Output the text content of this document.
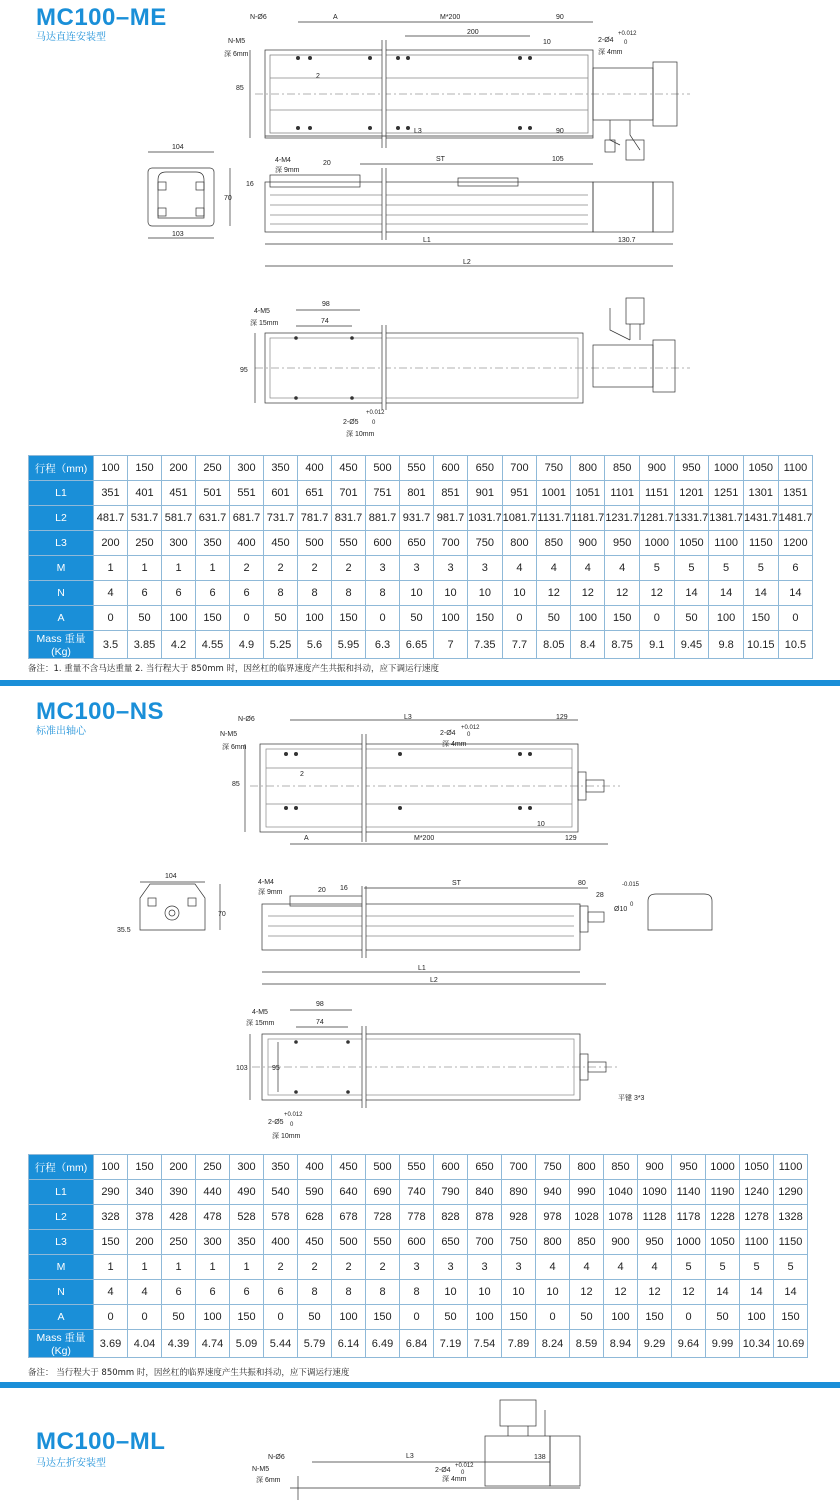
MC100–ME
马达直连安装型
N-Ø6
N-M5
深 6mm
A	M*200	90
200
10	2-Ø4
+0.012
0
深 4mm
85
2
L3	90
104
70
103
4-M4
深 9mm
20
ST	105
16
L1	130.7
L2
4-M5
深 15mm
98
74
95
2-Ø5
+0.012
0
深 10mm
行程（mm)	100	150	200	250	300	350	400	450	500	550	600	650	700	750	800	850	900	950	1000	1050	1100
L1	351	401	451	501	551	601	651	701	751	801	851	901	951	1001	1051	1101	1151	1201	1251	1301	1351
L2	481.7	531.7	581.7	631.7	681.7	731.7	781.7	831.7	881.7	931.7	981.7	1031.7	1081.7	1131.7	1181.7	1231.7	1281.7	1331.7	1381.7	1431.7	1481.7
L3	200	250	300	350	400	450	500	550	600	650	700	750	800	850	900	950	1000	1050	1100	1150	1200
M	1	1	1	1	2	2	2	2	3	3	3	3	4	4	4	4	5	5	5	5	6
N	4	6	6	6	6	8	8	8	8	10	10	10	10	12	12	12	12	14	14	14	14
A	0	50	100	150	0	50	100	150	0	50	100	150	0	50	100	150	0	50	100	150	0
Mass 重量(Kg)	3.5	3.85	4.2	4.55	4.9	5.25	5.6	5.95	6.3	6.65	7	7.35	7.7	8.05	8.4	8.75	9.1	9.45	9.8	10.15	10.5
备注：1. 重量不含马达重量 2. 当行程大于 850mm 时，因丝杠的临界速度产生共振和抖动，应下调运行速度
MC100–NS
标准出轴心
N-Ø6
N-M5
深 6mm
L3
2-Ø4
+0.012
0
深 4mm
129
85
2
A	M*200
10
129
104
70
35.5
4-M4
深 9mm	20 16
ST	80
28
Ø10
-0.015
0
L1
L2
4-M5
深 15mm
98
74
103	95
2-Ø5
+0.012
0
深 10mm
平键 3*3
行程（mm)	100	150	200	250	300	350	400	450	500	550	600	650	700	750	800	850	900	950	1000	1050	1100
L1	290	340	390	440	490	540	590	640	690	740	790	840	890	940	990	1040	1090	1140	1190	1240	1290
L2	328	378	428	478	528	578	628	678	728	778	828	878	928	978	1028	1078	1128	1178	1228	1278	1328
L3	150	200	250	300	350	400	450	500	550	600	650	700	750	800	850	900	950	1000	1050	1100	1150
M	1	1	1	1	1	2	2	2	2	3	3	3	3	4	4	4	4	5	5	5	5
N	4	4	6	6	6	6	8	8	8	8	10	10	10	10	12	12	12	12	14	14	14
A	0	0	50	100	150	0	50	100	150	0	50	100	150	0	50	100	150	0	50	100	150
Mass 重量(Kg)	3.69	4.04	4.39	4.74	5.09	5.44	5.79	6.14	6.49	6.84	7.19	7.54	7.89	8.24	8.59	8.94	9.29	9.64	9.99	10.34	10.69
备注： 当行程大于 850mm 时，因丝杠的临界速度产生共振和抖动，应下调运行速度
MC100–ML
马达左折安装型
N-Ø6
N-M5
深 6mm
L3
2-Ø4
+0.012
0
深 4mm
138
